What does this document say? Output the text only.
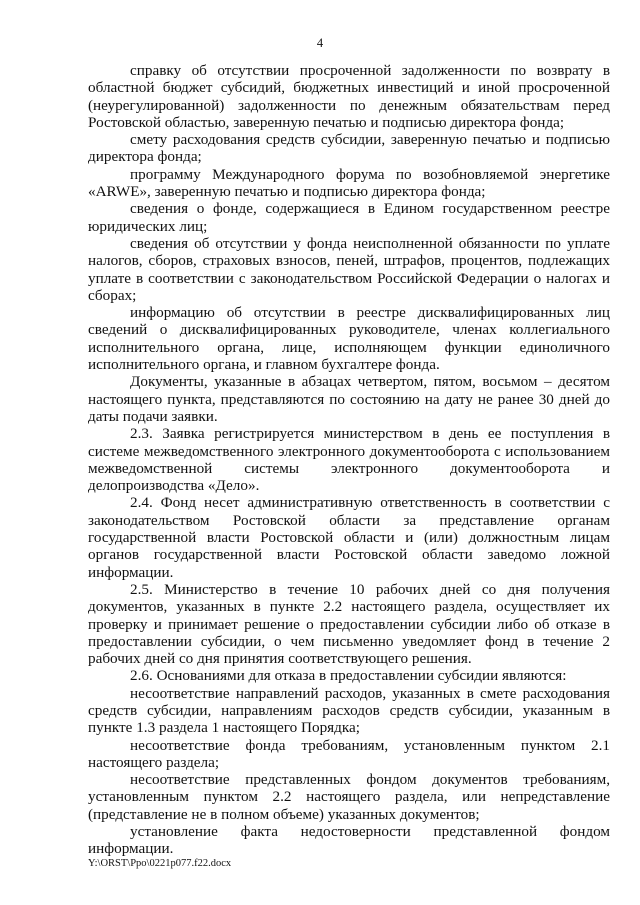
4

справку об отсутствии просроченной задолженности по возврату в областной бюджет субсидий, бюджетных инвестиций и иной просроченной (неурегулированной) задолженности по денежным обязательствам перед Ростовской областью, заверенную печатью и подписью директора фонда;

смету расходования средств субсидии, заверенную печатью и подписью директора фонда;

программу Международного форума по возобновляемой энергетике «ARWE», заверенную печатью и подписью директора фонда;

сведения о фонде, содержащиеся в Едином государственном реестре юридических лиц;

сведения об отсутствии у фонда неисполненной обязанности по уплате налогов, сборов, страховых взносов, пеней, штрафов, процентов, подлежащих уплате в соответствии с законодательством Российской Федерации о налогах и сборах;

информацию об отсутствии в реестре дисквалифицированных лиц сведений о дисквалифицированных руководителе, членах коллегиального исполнительного органа, лице, исполняющем функции единоличного исполнительного органа, и главном бухгалтере фонда.

Документы, указанные в абзацах четвертом, пятом, восьмом – десятом настоящего пункта, представляются по состоянию на дату не ранее 30 дней до даты подачи заявки.

2.3. Заявка регистрируется министерством в день ее поступления в системе межведомственного электронного документооборота с использованием межведомственной системы электронного документооборота и делопроизводства «Дело».

2.4. Фонд несет административную ответственность в соответствии с законодательством Ростовской области за представление органам государственной власти Ростовской области и (или) должностным лицам органов государственной власти Ростовской области заведомо ложной информации.

2.5. Министерство в течение 10 рабочих дней со дня получения документов, указанных в пункте 2.2 настоящего раздела, осуществляет их проверку и принимает решение о предоставлении субсидии либо об отказе в предоставлении субсидии, о чем письменно уведомляет фонд в течение 2 рабочих дней со дня принятия соответствующего решения.

2.6. Основаниями для отказа в предоставлении субсидии являются:

несоответствие направлений расходов, указанных в смете расходования средств субсидии, направлениям расходов средств субсидии, указанным в пункте 1.3 раздела 1 настоящего Порядка;

несоответствие фонда требованиям, установленным пунктом 2.1 настоящего раздела;

несоответствие представленных фондом документов требованиям, установленным пунктом 2.2 настоящего раздела, или непредставление (представление не в полном объеме) указанных документов;

установление факта недостоверности представленной фондом информации.

Y:\ORST\Ppo\0221p077.f22.docx
